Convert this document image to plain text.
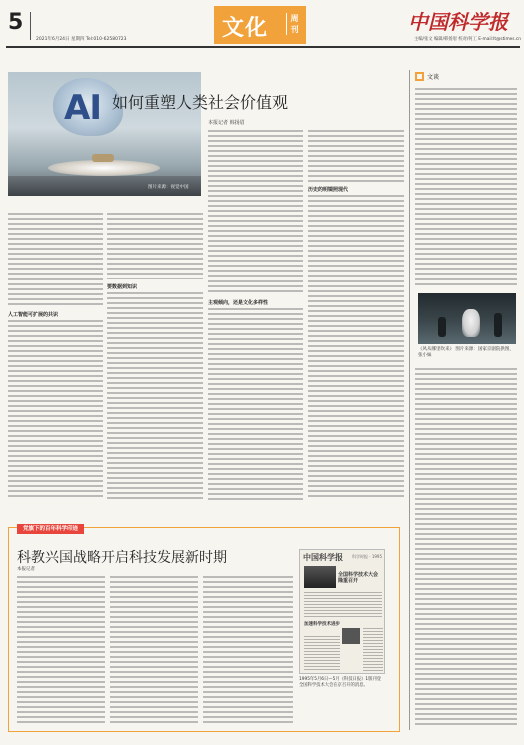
5
2021年6月24日 星期四 Tel:010-62580723	文化	周刊	中国科学报
主编/张文 编辑/韩扬眉 校对/何工 E-mail:lt@stimes.cn
AI
图片来源：视觉中国
如何重塑人类社会价值观
本报记者 韩扬眉
人工智能可扩展的共识
要数据到知识
主观倾向，还是文化多样性
历史的明镜照现代
文谈
《风从哪里吹来》 图片来源：国家京剧院供图，张小妹
党旗下的百年科学印迹
科教兴国战略开启科技发展新时期
本报记者
中国科学报 科学时报 · 1995
全国科学技术大会隆重召开
加速科学技术进步
1995年5月6日—5月《科技日报》1版刊登全国科学技术大会在京召开的消息。
